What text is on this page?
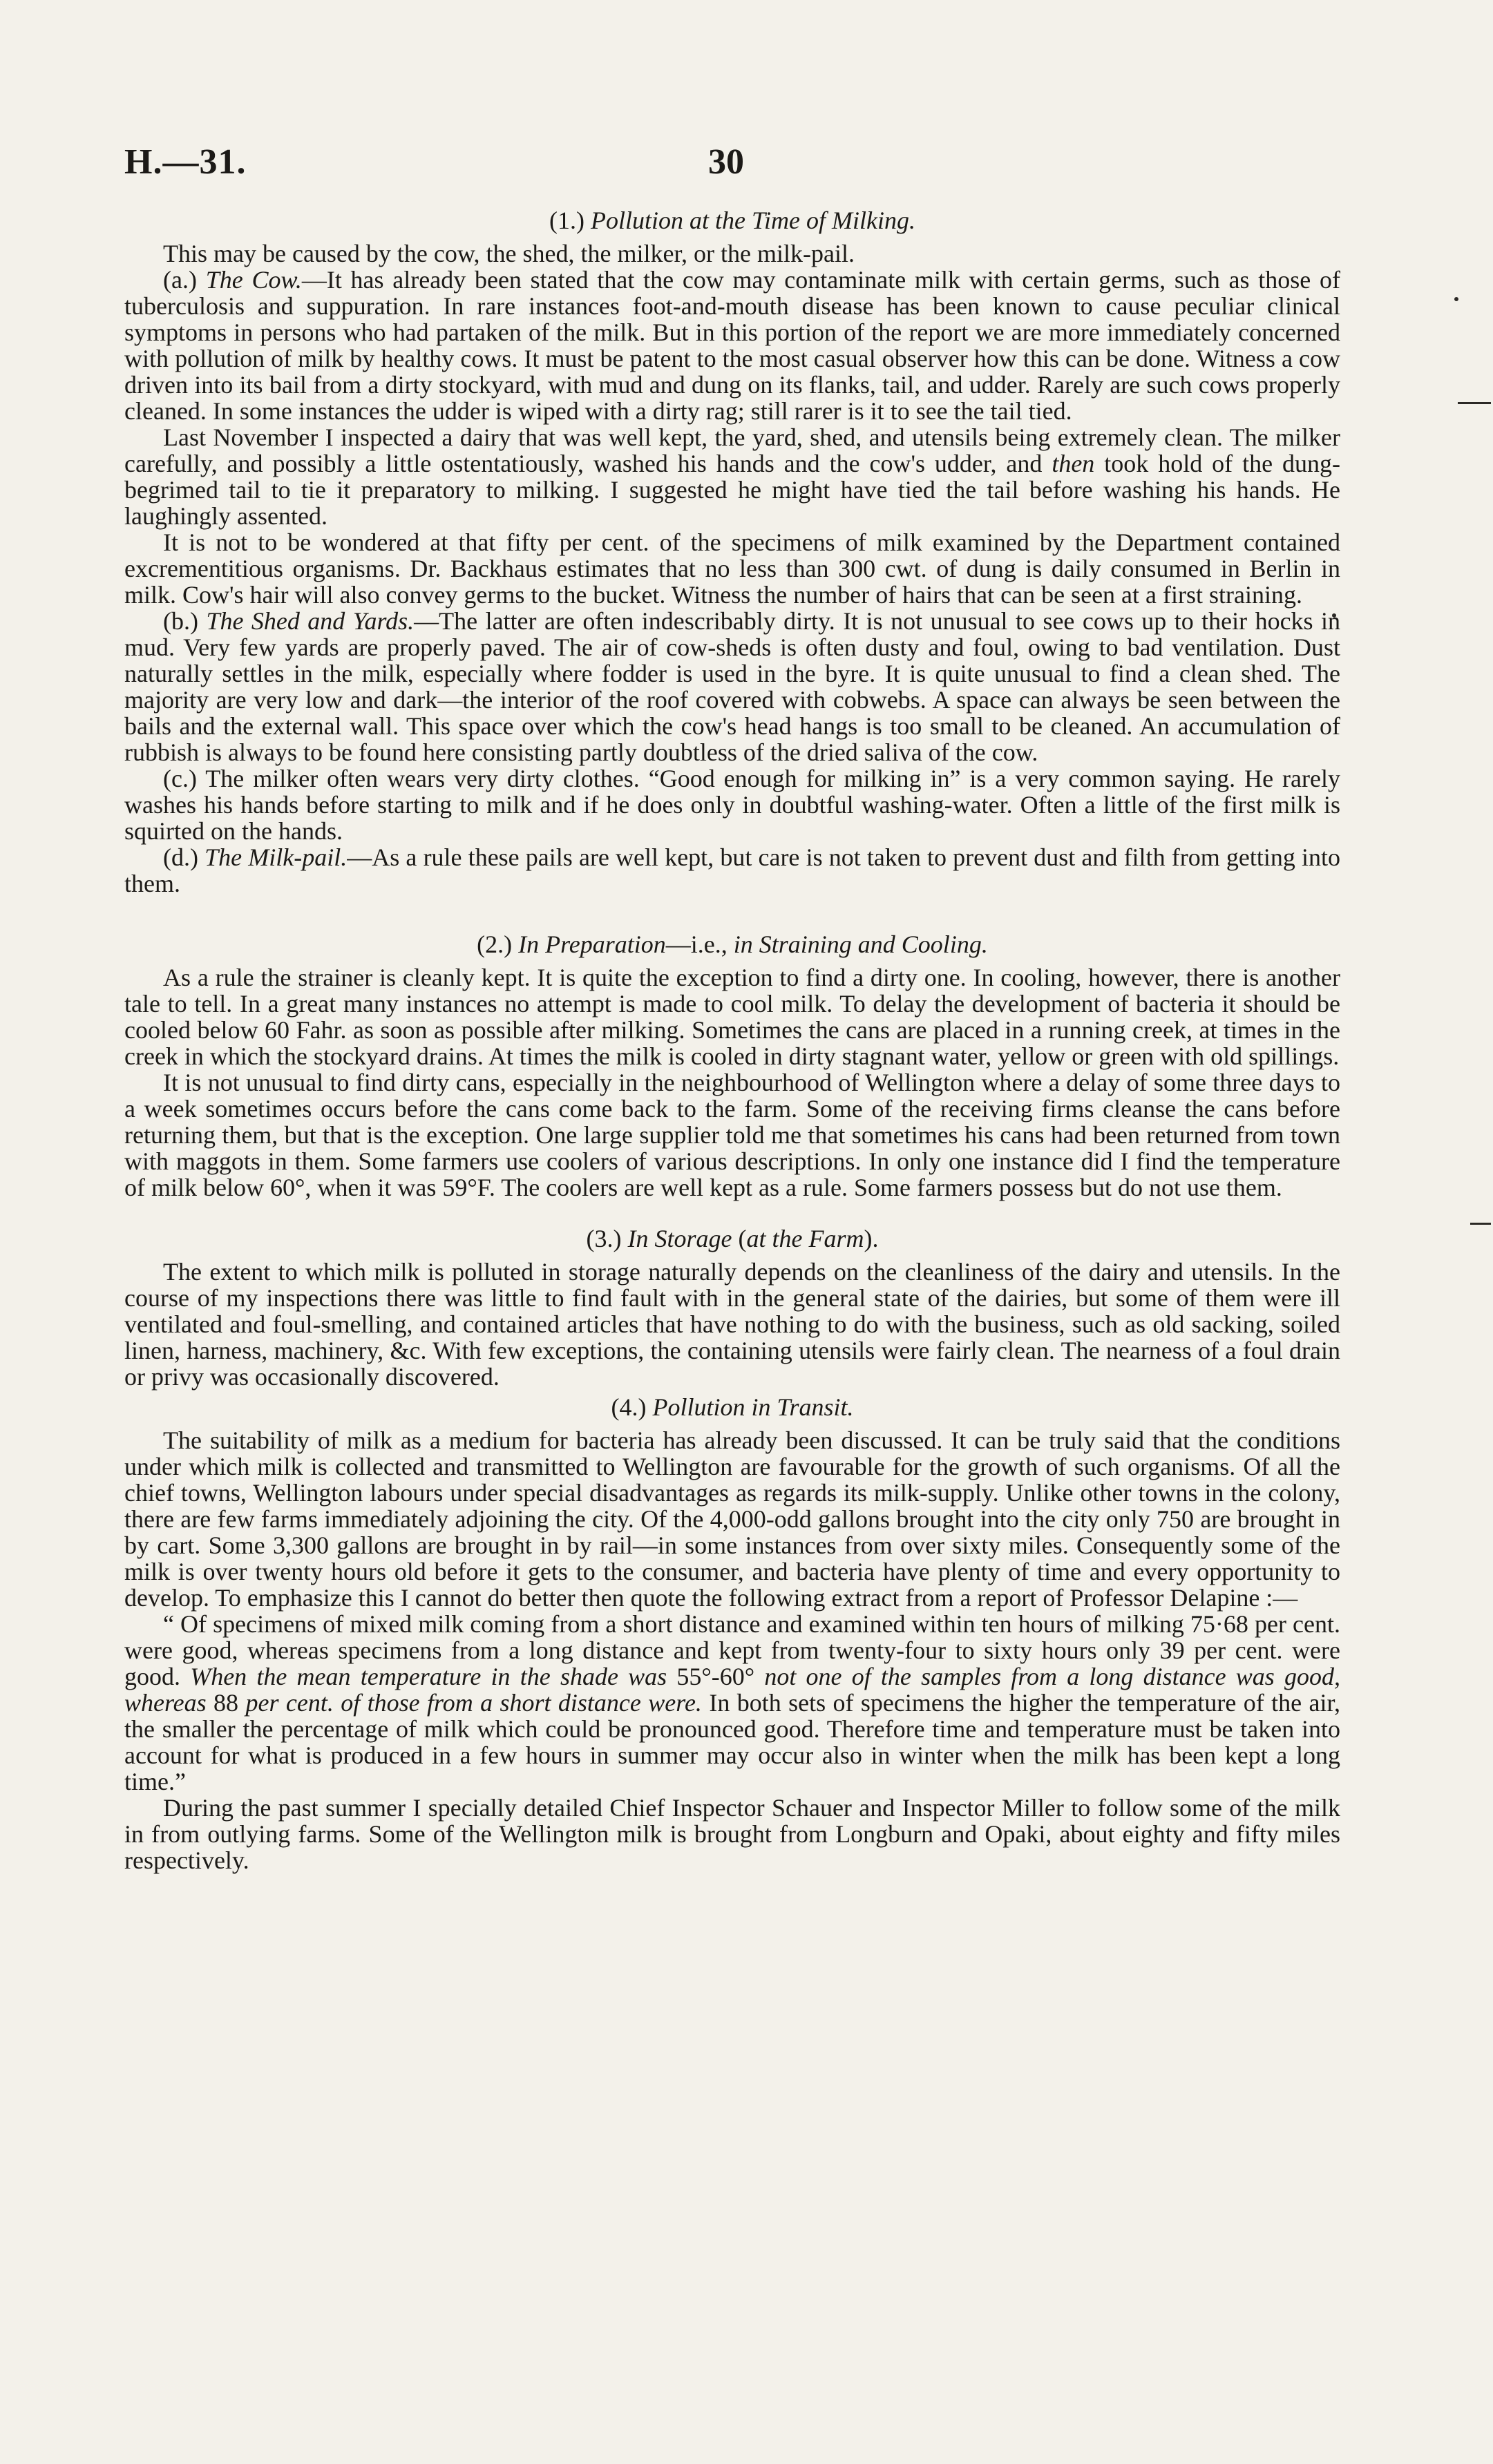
H.—31.	30

(1.) Pollution at the Time of Milking.

This may be caused by the cow, the shed, the milker, or the milk-pail.

(a.) The Cow.—It has already been stated that the cow may contaminate milk with certain germs, such as those of tuberculosis and suppuration. In rare instances foot-and-mouth disease has been known to cause peculiar clinical symptoms in persons who had partaken of the milk. But in this portion of the report we are more immediately concerned with pollution of milk by healthy cows. It must be patent to the most casual observer how this can be done. Witness a cow driven into its bail from a dirty stockyard, with mud and dung on its flanks, tail, and udder. Rarely are such cows properly cleaned. In some instances the udder is wiped with a dirty rag; still rarer is it to see the tail tied.

Last November I inspected a dairy that was well kept, the yard, shed, and utensils being extremely clean. The milker carefully, and possibly a little ostentatiously, washed his hands and the cow's udder, and then took hold of the dung-begrimed tail to tie it preparatory to milking. I suggested he might have tied the tail before washing his hands. He laughingly assented.

It is not to be wondered at that fifty per cent. of the specimens of milk examined by the Department contained excrementitious organisms. Dr. Backhaus estimates that no less than 300 cwt. of dung is daily consumed in Berlin in milk. Cow's hair will also convey germs to the bucket. Witness the number of hairs that can be seen at a first straining.

(b.) The Shed and Yards.—The latter are often indescribably dirty. It is not unusual to see cows up to their hocks in mud. Very few yards are properly paved. The air of cow-sheds is often dusty and foul, owing to bad ventilation. Dust naturally settles in the milk, especially where fodder is used in the byre. It is quite unusual to find a clean shed. The majority are very low and dark—the interior of the roof covered with cobwebs. A space can always be seen between the bails and the external wall. This space over which the cow's head hangs is too small to be cleaned. An accumulation of rubbish is always to be found here consisting partly doubtless of the dried saliva of the cow.

(c.) The milker often wears very dirty clothes. “Good enough for milking in” is a very common saying. He rarely washes his hands before starting to milk and if he does only in doubtful washing-water. Often a little of the first milk is squirted on the hands.

(d.) The Milk-pail.—As a rule these pails are well kept, but care is not taken to prevent dust and filth from getting into them.

(2.) In Preparation—i.e., in Straining and Cooling.

As a rule the strainer is cleanly kept. It is quite the exception to find a dirty one. In cooling, however, there is another tale to tell. In a great many instances no attempt is made to cool milk. To delay the development of bacteria it should be cooled below 60 Fahr. as soon as possible after milking. Sometimes the cans are placed in a running creek, at times in the creek in which the stockyard drains. At times the milk is cooled in dirty stagnant water, yellow or green with old spillings.

It is not unusual to find dirty cans, especially in the neighbourhood of Wellington where a delay of some three days to a week sometimes occurs before the cans come back to the farm. Some of the receiving firms cleanse the cans before returning them, but that is the exception. One large supplier told me that sometimes his cans had been returned from town with maggots in them. Some farmers use coolers of various descriptions. In only one instance did I find the temperature of milk below 60°, when it was 59°F. The coolers are well kept as a rule. Some farmers possess but do not use them.

(3.) In Storage (at the Farm).

The extent to which milk is polluted in storage naturally depends on the cleanliness of the dairy and utensils. In the course of my inspections there was little to find fault with in the general state of the dairies, but some of them were ill ventilated and foul-smelling, and contained articles that have nothing to do with the business, such as old sacking, soiled linen, harness, machinery, &c. With few exceptions, the containing utensils were fairly clean. The nearness of a foul drain or privy was occasionally discovered.

(4.) Pollution in Transit.

The suitability of milk as a medium for bacteria has already been discussed. It can be truly said that the conditions under which milk is collected and transmitted to Wellington are favourable for the growth of such organisms. Of all the chief towns, Wellington labours under special disadvantages as regards its milk-supply. Unlike other towns in the colony, there are few farms immediately adjoining the city. Of the 4,000-odd gallons brought into the city only 750 are brought in by cart. Some 3,300 gallons are brought in by rail—in some instances from over sixty miles. Consequently some of the milk is over twenty hours old before it gets to the consumer, and bacteria have plenty of time and every opportunity to develop. To emphasize this I cannot do better then quote the following extract from a report of Professor Delapine :—

“ Of specimens of mixed milk coming from a short distance and examined within ten hours of milking 75·68 per cent. were good, whereas specimens from a long distance and kept from twenty-four to sixty hours only 39 per cent. were good. When the mean temperature in the shade was 55°-60° not one of the samples from a long distance was good, whereas 88 per cent. of those from a short distance were. In both sets of specimens the higher the temperature of the air, the smaller the percentage of milk which could be pronounced good. Therefore time and temperature must be taken into account for what is produced in a few hours in summer may occur also in winter when the milk has been kept a long time.”

During the past summer I specially detailed Chief Inspector Schauer and Inspector Miller to follow some of the milk in from outlying farms. Some of the Wellington milk is brought from Longburn and Opaki, about eighty and fifty miles respectively.
